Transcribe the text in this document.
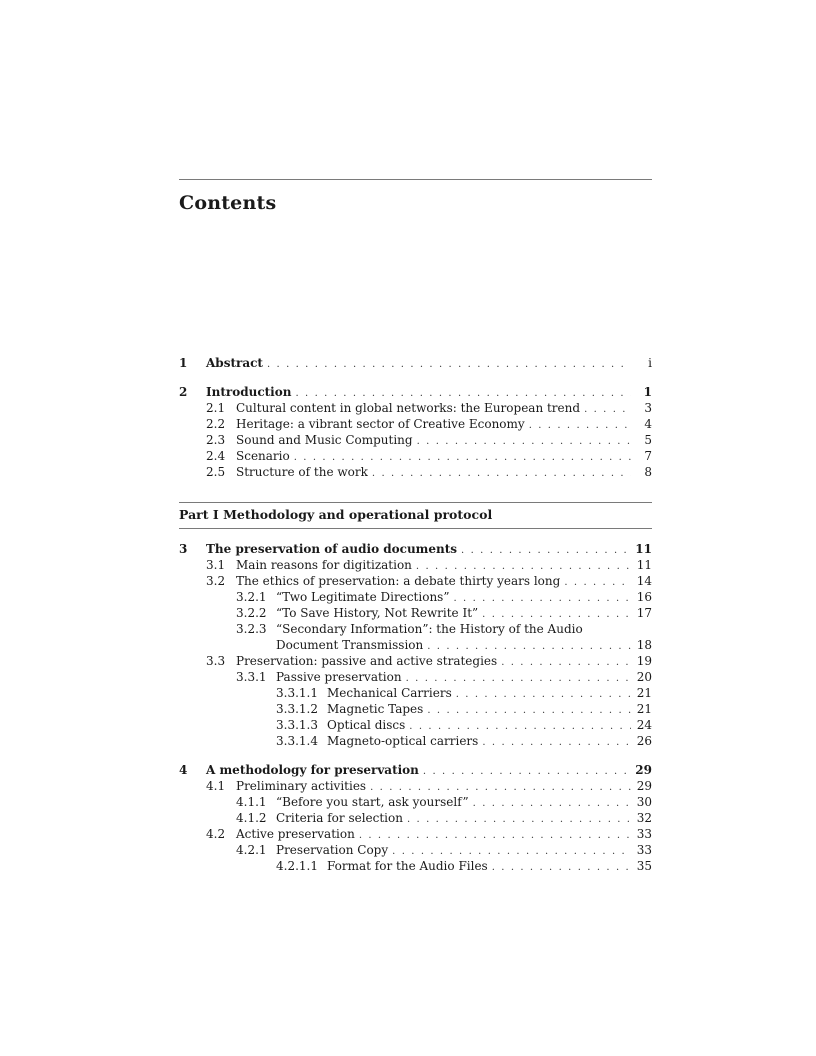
Contents
1	Abstract . . .	i
2	Introduction . . .	1
2.1 Cultural content in global networks: the European trend . . .	3
2.2 Heritage: a vibrant sector of Creative Economy . . .	4
2.3 Sound and Music Computing . . .	5
2.4 Scenario . . .	7
2.5 Structure of the work . . .	8
Part I Methodology and operational protocol
3	The preservation of audio documents . . .	11
3.1 Main reasons for digitization . . .	11
3.2 The ethics of preservation: a debate thirty years long . . .	14
3.2.1 “Two Legitimate Directions” . . .	16
3.2.2 “To Save History, Not Rewrite It” . . .	17
3.2.3 “Secondary Information”: the History of the Audio
Document Transmission . . .	18
3.3 Preservation: passive and active strategies . . .	19
3.3.1 Passive preservation . . .	20
3.3.1.1 Mechanical Carriers . . .	21
3.3.1.2 Magnetic Tapes . . .	21
3.3.1.3 Optical discs . . .	24
3.3.1.4 Magneto-optical carriers . . .	26
4	A methodology for preservation . . .	29
4.1 Preliminary activities . . .	29
4.1.1 “Before you start, ask yourself” . . .	30
4.1.2 Criteria for selection . . .	32
4.2 Active preservation . . .	33
4.2.1 Preservation Copy . . .	33
4.2.1.1 Format for the Audio Files . . .	35
